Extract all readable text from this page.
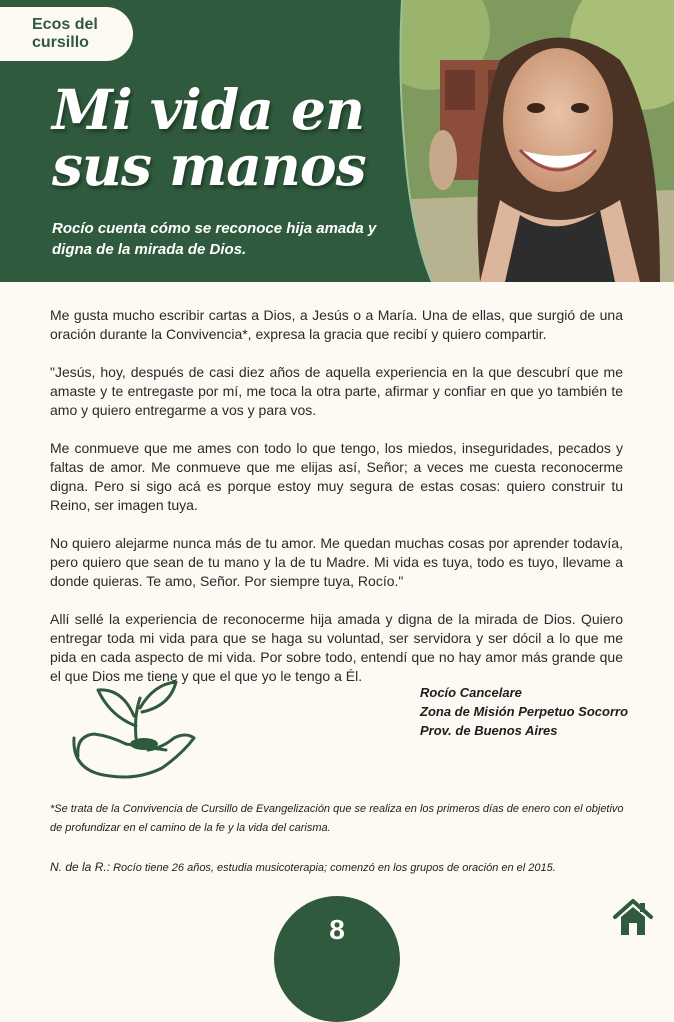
Ecos del
cursillo
Mi vida en
sus manos

Rocío cuenta cómo se reconoce hija amada y digna de la mirada de Dios.

Me gusta mucho escribir cartas a Dios, a Jesús o a María. Una de ellas, que surgió de una oración durante la Convivencia*, expresa la gracia que recibí y quiero compartir.

"Jesús, hoy, después de casi diez años de aquella experiencia en la que descubrí que me amaste y te entregaste por mí, me toca la otra parte, afirmar y confiar en que yo también te amo y quiero entregarme a vos y para vos.

Me conmueve que me ames con todo lo que tengo, los miedos, inseguridades, pecados y faltas de amor. Me conmueve que me elijas así, Señor; a veces me cuesta reconocerme digna. Pero si sigo acá es porque estoy muy segura de estas cosas: quiero construir tu Reino, ser imagen tuya.

No quiero alejarme nunca más de tu amor. Me quedan muchas cosas por aprender todavía, pero quiero que sean de tu mano y la de tu Madre. Mi vida es tuya, todo es tuyo, llevame a donde quieras. Te amo, Señor. Por siempre tuya, Rocío."

Allí sellé la experiencia de reconocerme hija amada y digna de la mirada de Dios. Quiero entregar toda mi vida para que se haga su voluntad, ser servidora y ser dócil a lo que me pida en cada aspecto de mi vida. Por sobre todo, entendí que no hay amor más grande que el que Dios me tiene y que el que yo le tengo a Él.

Rocío Cancelare
Zona de Misión Perpetuo Socorro
Prov. de Buenos Aires
*Se trata de la Convivencia de Cursillo de Evangelización que se realiza en los primeros días de enero con el objetivo de profundizar en el camino de la fe y la vida del carisma.
N. de la R.: Rocío tiene 26 años, estudia musicoterapia; comenzó en los grupos de oración en el 2015.
8
